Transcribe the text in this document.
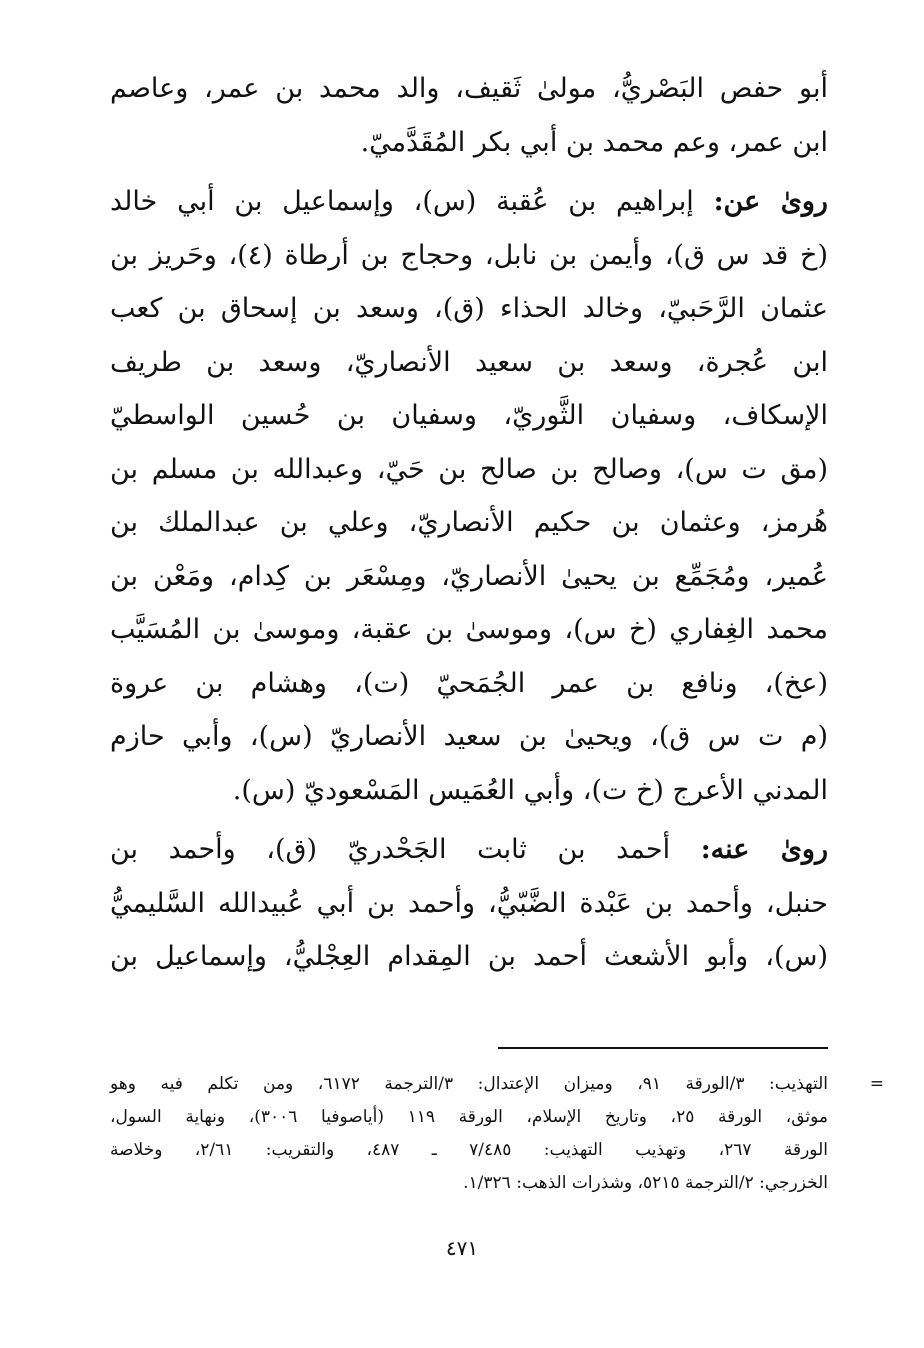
أبو حفص البَصْريُّ، مولىٰ ثَقيف، والد محمد بن عمر، وعاصم
ابن عمر، وعم محمد بن أبي بكر المُقَدَّميّ.
روىٰ عن: إبراهيم بن عُقبة (س)، وإسماعيل بن أبي خالد
(خ قد س ق)، وأيمن بن نابل، وحجاج بن أرطاة (٤)، وحَريز بن
عثمان الرَّحَبيّ، وخالد الحذاء (ق)، وسعد بن إسحاق بن كعب
ابن عُجرة، وسعد بن سعيد الأنصاريّ، وسعد بن طريف
الإسكاف، وسفيان الثَّوريّ، وسفيان بن حُسين الواسطيّ
(مق ت س)، وصالح بن صالح بن حَيّ، وعبدالله بن مسلم بن
هُرمز، وعثمان بن حكيم الأنصاريّ، وعلي بن عبدالملك بن
عُمير، ومُجَمِّع بن يحيىٰ الأنصاريّ، ومِسْعَر بن كِدام، ومَعْن بن
محمد الغِفاري (خ س)، وموسىٰ بن عقبة، وموسىٰ بن المُسَيَّب
(عخ)، ونافع بن عمر الجُمَحيّ (ت)، وهشام بن عروة
(م ت س ق)، ويحيىٰ بن سعيد الأنصاريّ (س)، وأبي حازم
المدني الأعرج (خ ت)، وأبي العُمَيس المَسْعوديّ (س).
روىٰ عنه: أحمد بن ثابت الجَحْدريّ (ق)، وأحمد بن
حنبل، وأحمد بن عَبْدة الضَّبّيُّ، وأحمد بن أبي عُبيدالله السَّليميُّ
(س)، وأبو الأشعث أحمد بن المِقدام العِجْليُّ، وإسماعيل بن
=
التهذيب: ٣/الورقة ٩١، وميزان الإعتدال: ٣/الترجمة ٦١٧٢، ومن تكلم فيه وهو
موثق، الورقة ٢٥، وتاريخ الإسلام، الورقة ١١٩ (أياصوفيا ٣٠٠٦)، ونهاية السول،
الورقة ٢٦٧، وتهذيب التهذيب: ٧/٤٨٥ ـ ٤٨٧، والتقريب: ٢/٦١، وخلاصة
الخزرجي: ٢/الترجمة ٥٢١٥، وشذرات الذهب: ١/٣٢٦.
٤٧١
